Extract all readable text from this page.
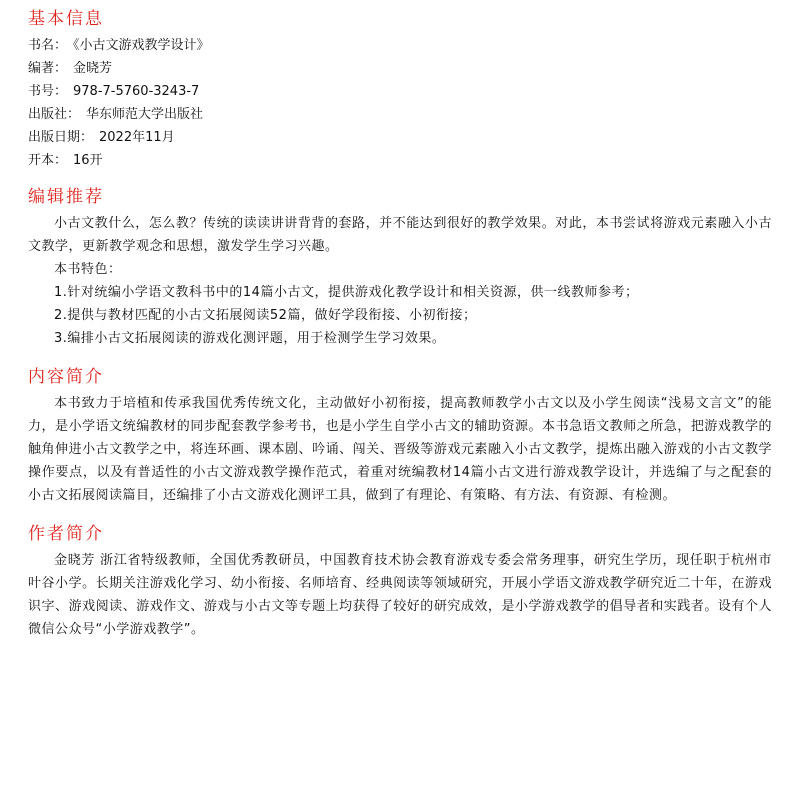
基本信息

书名： 《小古文游戏教学设计》

编著： 金晓芳

书号： 978-7-5760-3243-7

出版社： 华东师范大学出版社

出版日期： 2022年11月

开本： 16开

编辑推荐

小古文教什么，怎么教？传统的读读讲讲背背的套路，并不能达到很好的教学效果。对此，本书尝试将游戏元素融入小古文教学，更新教学观念和思想，激发学生学习兴趣。

本书特色：

1.针对统编小学语文教科书中的14篇小古文，提供游戏化教学设计和相关资源，供一线教师参考；

2.提供与教材匹配的小古文拓展阅读52篇，做好学段衔接、小初衔接；

3.编排小古文拓展阅读的游戏化测评题，用于检测学生学习效果。

内容简介

本书致力于培植和传承我国优秀传统文化，主动做好小初衔接，提高教师教学小古文以及小学生阅读“浅易文言文”的能力，是小学语文统编教材的同步配套教学参考书，也是小学生自学小古文的辅助资源。本书急语文教师之所急，把游戏教学的触角伸进小古文教学之中，将连环画、课本剧、吟诵、闯关、晋级等游戏元素融入小古文教学，提炼出融入游戏的小古文教学操作要点，以及有普适性的小古文游戏教学操作范式，着重对统编教材14篇小古文进行游戏教学设计，并选编了与之配套的小古文拓展阅读篇目，还编排了小古文游戏化测评工具，做到了有理论、有策略、有方法、有资源、有检测。

作者简介

金晓芳 浙江省特级教师，全国优秀教研员，中国教育技术协会教育游戏专委会常务理事，研究生学历，现任职于杭州市叶谷小学。长期关注游戏化学习、幼小衔接、名师培育、经典阅读等领域研究，开展小学语文游戏教学研究近二十年，在游戏识字、游戏阅读、游戏作文、游戏与小古文等专题上均获得了较好的研究成效，是小学游戏教学的倡导者和实践者。设有个人微信公众号“小学游戏教学”。
